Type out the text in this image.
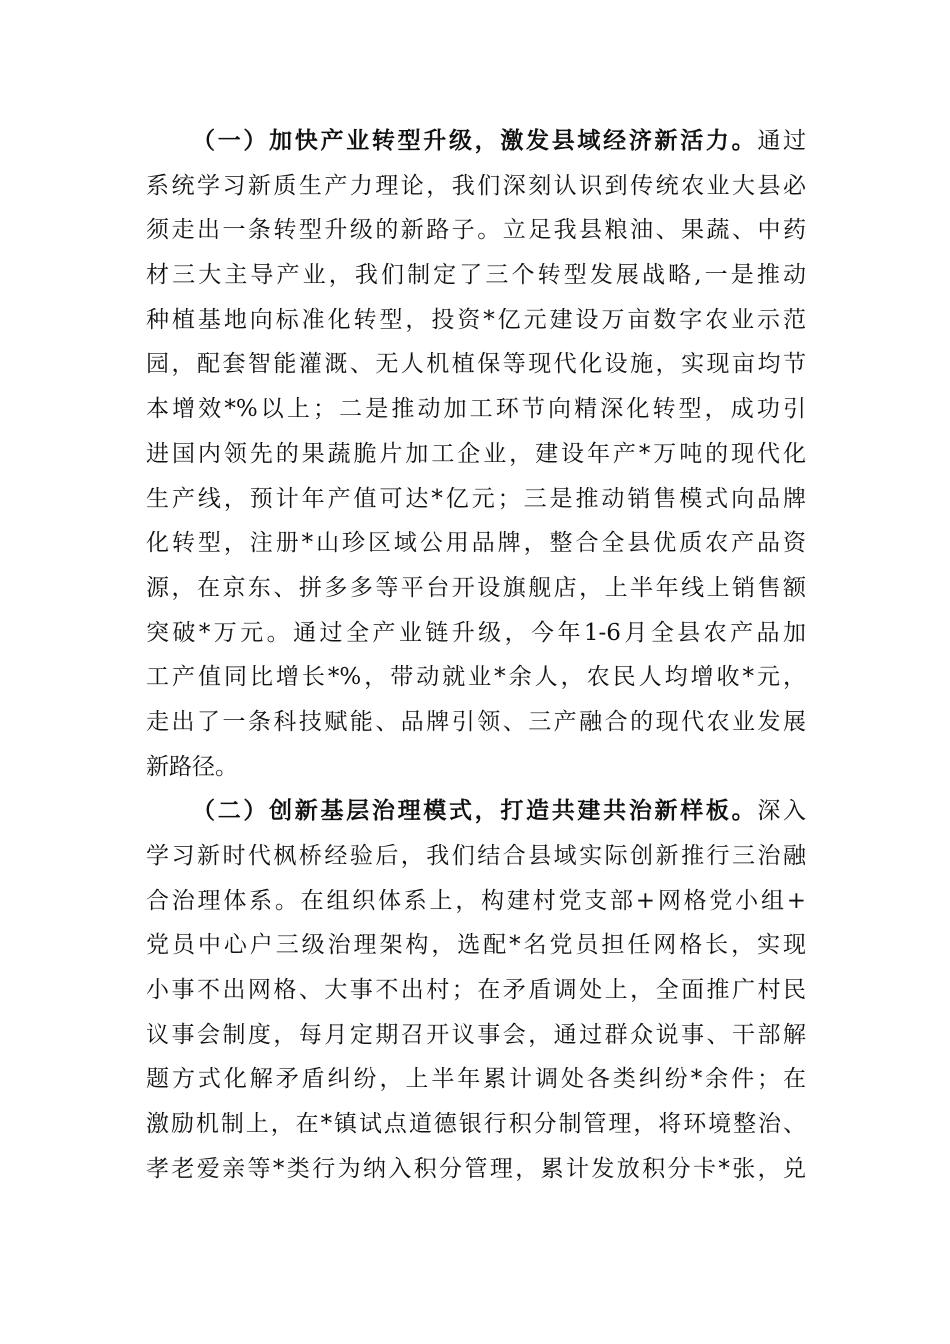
（一）加快产业转型升级，激发县域经济新活力。通过
系统学习新质生产力理论，我们深刻认识到传统农业大县必
须走出一条转型升级的新路子。立足我县粮油、果蔬、中药
材三大主导产业，我们制定了三个转型发展战略,一是推动
种植基地向标准化转型，投资*亿元建设万亩数字农业示范
园，配套智能灌溉、无人机植保等现代化设施，实现亩均节
本增效*%以上；二是推动加工环节向精深化转型，成功引
进国内领先的果蔬脆片加工企业，建设年产*万吨的现代化
生产线，预计年产值可达*亿元；三是推动销售模式向品牌
化转型，注册*山珍区域公用品牌，整合全县优质农产品资
源，在京东、拼多多等平台开设旗舰店，上半年线上销售额
突破*万元。通过全产业链升级，今年1-6月全县农产品加
工产值同比增长*%，带动就业*余人，农民人均增收*元，
走出了一条科技赋能、品牌引领、三产融合的现代农业发展
新路径。
（二）创新基层治理模式，打造共建共治新样板。深入
学习新时代枫桥经验后，我们结合县域实际创新推行三治融
合治理体系。在组织体系上，构建村党支部+网格党小组+
党员中心户三级治理架构，选配*名党员担任网格长，实现
小事不出网格、大事不出村；在矛盾调处上，全面推广村民
议事会制度，每月定期召开议事会，通过群众说事、干部解
题方式化解矛盾纠纷，上半年累计调处各类纠纷*余件；在
激励机制上，在*镇试点道德银行积分制管理，将环境整治、
孝老爱亲等*类行为纳入积分管理，累计发放积分卡*张，兑
